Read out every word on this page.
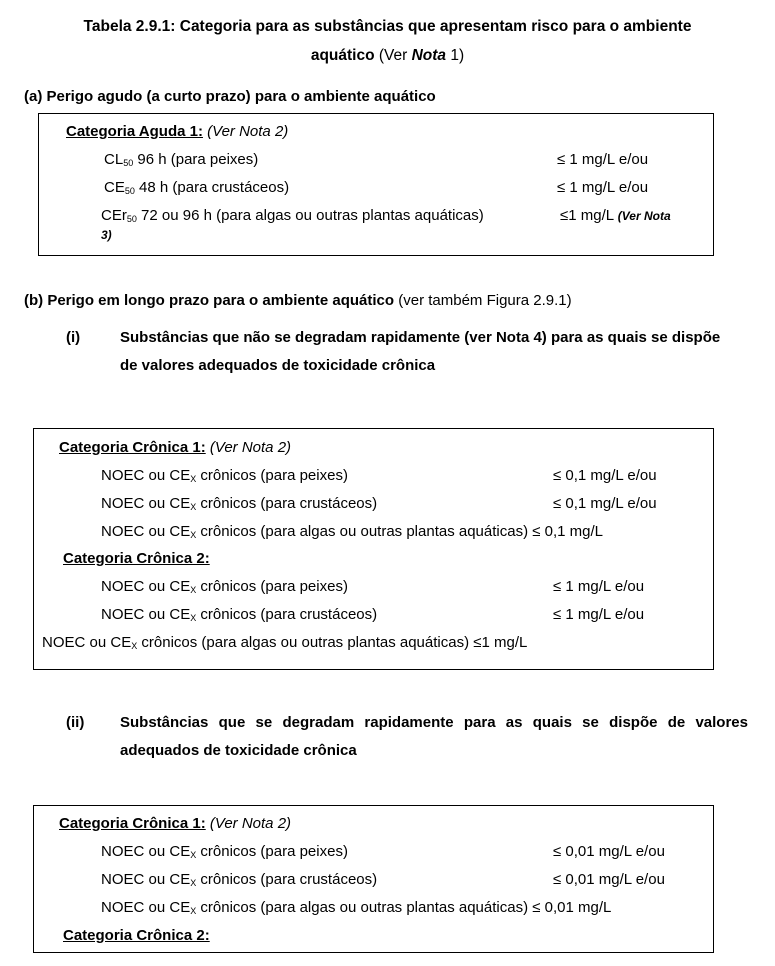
Tabela 2.9.1: Categoria para as substâncias que apresentam risco para o ambiente
aquático (Ver Nota 1)
(a) Perigo agudo (a curto prazo) para o ambiente aquático
Categoria Aguda 1: (Ver Nota 2)
$CL_{50}$ 96 h (para peixes)	≤ 1 mg/L e/ou
$CE_{50}$ 48 h (para crustáceos)	≤ 1 mg/L e/ou
CEr$_{50}$ 72 ou 96 h (para algas ou outras plantas aquáticas)	≤1 mg/L (Ver Nota
3)
(b) Perigo em longo prazo para o ambiente aquático (ver também Figura 2.9.1)
(i)	Substâncias que não se degradam rapidamente (ver Nota 4) para as quais se dispõe
de valores adequados de toxicidade crônica
Categoria Crônica 1: (Ver Nota 2)
NOEC ou $CE_X$ crônicos (para peixes)	≤ 0,1 mg/L e/ou
NOEC ou $CE_X$ crônicos (para crustáceos)	≤ 0,1 mg/L e/ou
NOEC ou $CE_X$ crônicos (para algas ou outras plantas aquáticas) ≤ 0,1 mg/L
Categoria Crônica 2:
NOEC ou $CE_X$ crônicos (para peixes)	≤ 1 mg/L e/ou
NOEC ou $CE_X$ crônicos (para crustáceos)	≤ 1 mg/L e/ou
NOEC ou $CE_X$ crônicos (para algas ou outras plantas aquáticas) ≤1 mg/L
(ii) Substâncias que se degradam rapidamente para as quais se dispõe de valores
adequados de toxicidade crônica
Categoria Crônica 1: (Ver Nota 2)
NOEC ou $CE_X$ crônicos (para peixes)	≤ 0,01 mg/L e/ou
NOEC ou $CE_X$ crônicos (para crustáceos)	≤ 0,01 mg/L e/ou
NOEC ou $CE_X$ crônicos (para algas ou outras plantas aquáticas) ≤ 0,01 mg/L
Categoria Crônica 2:
